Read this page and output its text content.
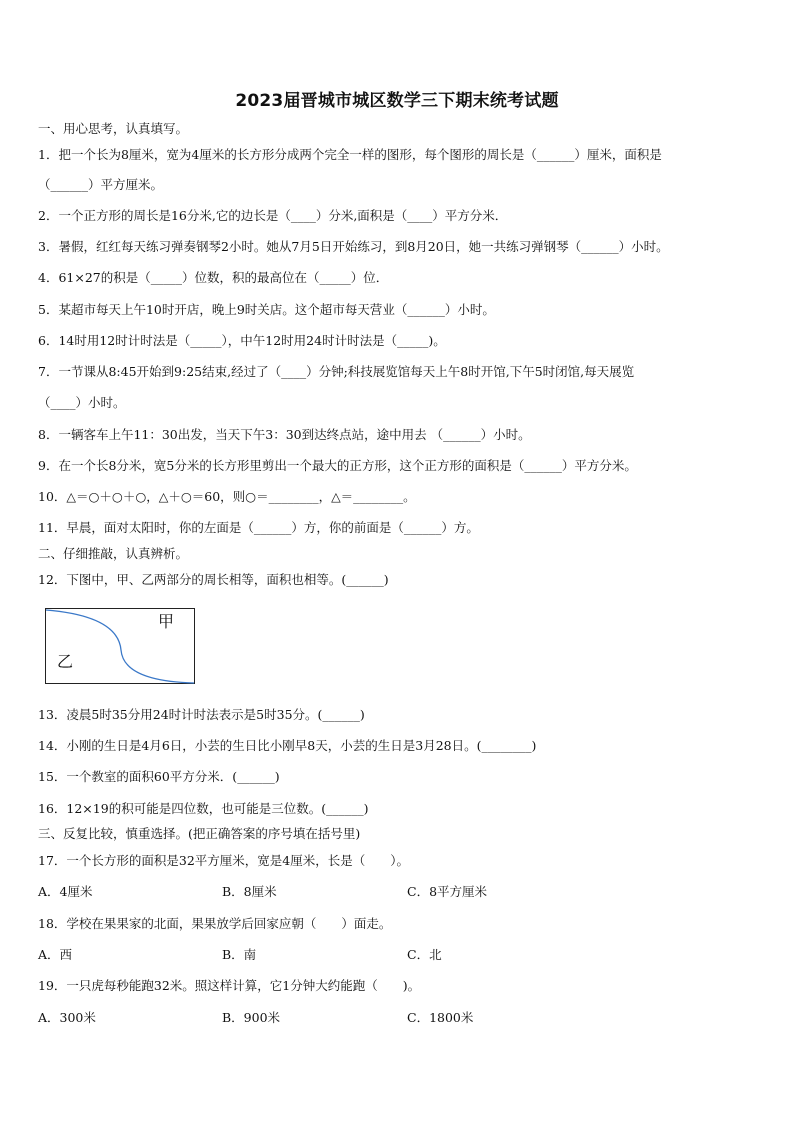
2023届晋城市城区数学三下期末统考试题
一、用心思考，认真填写。
1．把一个长为8厘米，宽为4厘米的长方形分成两个完全一样的图形，每个图形的周长是（______）厘米，面积是
（______）平方厘米。
2．一个正方形的周长是16分米,它的边长是（____）分米,面积是（____）平方分米．
3．暑假，红红每天练习弹奏钢琴2小时。她从7月5日开始练习，到8月20日，她一共练习弹钢琴（______）小时。
4．61×27的积是（_____）位数，积的最高位在（_____）位．
5．某超市每天上午10时开店，晚上9时关店。这个超市每天营业（______）小时。
6．14时用12时计时法是（_____），中午12时用24时计时法是（_____)。
7．一节课从8:45开始到9:25结束,经过了（____）分钟;科技展览馆每天上午8时开馆,下午5时闭馆,每天展览
（____）小时。
8．一辆客车上午11：30出发，当天下午3：30到达终点站，途中用去 （______）小时。
9．在一个长8分米，宽5分米的长方形里剪出一个最大的正方形，这个正方形的面积是（______）平方分米。
10．△＝○＋○＋○，△＋○＝60，则○＝________，△＝________。
11．早晨，面对太阳时，你的左面是（______）方，你的前面是（______）方。
二、仔细推敲，认真辨析。
12．下图中，甲、乙两部分的周长相等，面积也相等。(______)
甲
乙
13．凌晨5时35分用24时计时法表示是5时35分。(______)
14．小刚的生日是4月6日，小芸的生日比小刚早8天，小芸的生日是3月28日。(________)
15．一个教室的面积60平方分米．(______)
16．12×19的积可能是四位数，也可能是三位数。(______)
三、反复比较，慎重选择。(把正确答案的序号填在括号里)
17．一个长方形的面积是32平方厘米，宽是4厘米，长是（　　）。
A．4厘米	B．8厘米	C．8平方厘米
18．学校在果果家的北面，果果放学后回家应朝（　　）面走。
A．西	B．南	C．北
19．一只虎每秒能跑32米。照这样计算，它1分钟大约能跑（　　)。
A．300米	B．900米	C．1800米
